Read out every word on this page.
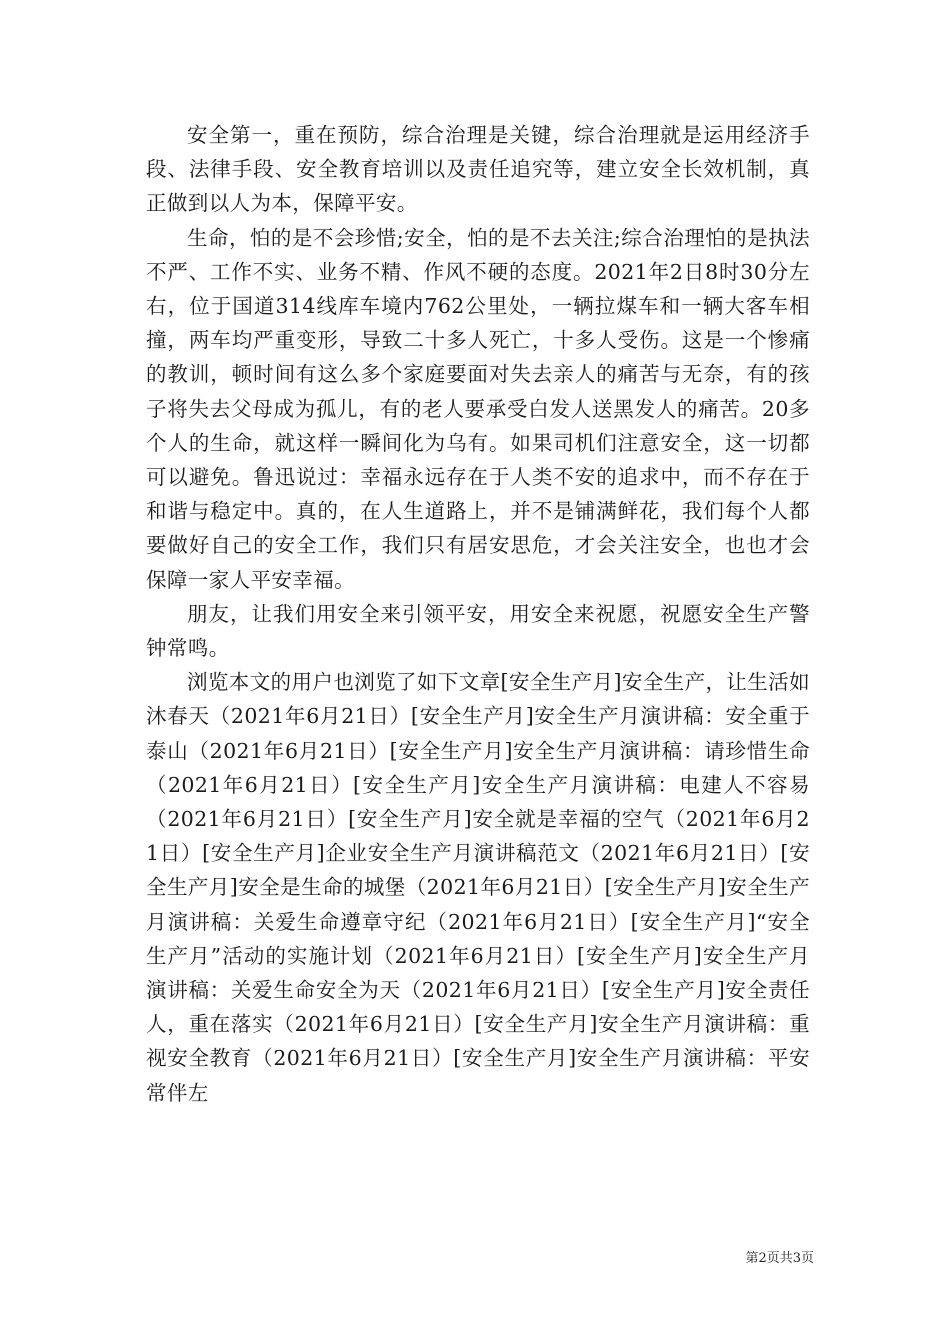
安全第一，重在预防，综合治理是关键，综合治理就是运用经济手段、法律手段、安全教育培训以及责任追究等，建立安全长效机制，真正做到以人为本，保障平安。

生命，怕的是不会珍惜;安全，怕的是不去关注;综合治理怕的是执法不严、工作不实、业务不精、作风不硬的态度。2021年2日8时30分左右，位于国道314线库车境内762公里处，一辆拉煤车和一辆大客车相撞，两车均严重变形，导致二十多人死亡，十多人受伤。这是一个惨痛的教训，顿时间有这么多个家庭要面对失去亲人的痛苦与无奈，有的孩子将失去父母成为孤儿，有的老人要承受白发人送黑发人的痛苦。20多个人的生命，就这样一瞬间化为乌有。如果司机们注意安全，这一切都可以避免。鲁迅说过：幸福永远存在于人类不安的追求中，而不存在于和谐与稳定中。真的，在人生道路上，并不是铺满鲜花，我们每个人都要做好自己的安全工作，我们只有居安思危，才会关注安全，也也才会保障一家人平安幸福。

朋友，让我们用安全来引领平安，用安全来祝愿，祝愿安全生产警钟常鸣。

浏览本文的用户也浏览了如下文章[安全生产月]安全生产，让生活如沐春天（2021年6月21日）[安全生产月]安全生产月演讲稿：安全重于泰山（2021年6月21日）[安全生产月]安全生产月演讲稿：请珍惜生命（2021年6月21日）[安全生产月]安全生产月演讲稿：电建人不容易（2021年6月21日）[安全生产月]安全就是幸福的空气（2021年6月21日）[安全生产月]企业安全生产月演讲稿范文（2021年6月21日）[安全生产月]安全是生命的城堡（2021年6月21日）[安全生产月]安全生产月演讲稿：关爱生命遵章守纪（2021年6月21日）[安全生产月]“安全生产月”活动的实施计划（2021年6月21日）[安全生产月]安全生产月演讲稿：关爱生命安全为天（2021年6月21日）[安全生产月]安全责任人，重在落实（2021年6月21日）[安全生产月]安全生产月演讲稿：重视安全教育（2021年6月21日）[安全生产月]安全生产月演讲稿：平安常伴左

第2页共3页
